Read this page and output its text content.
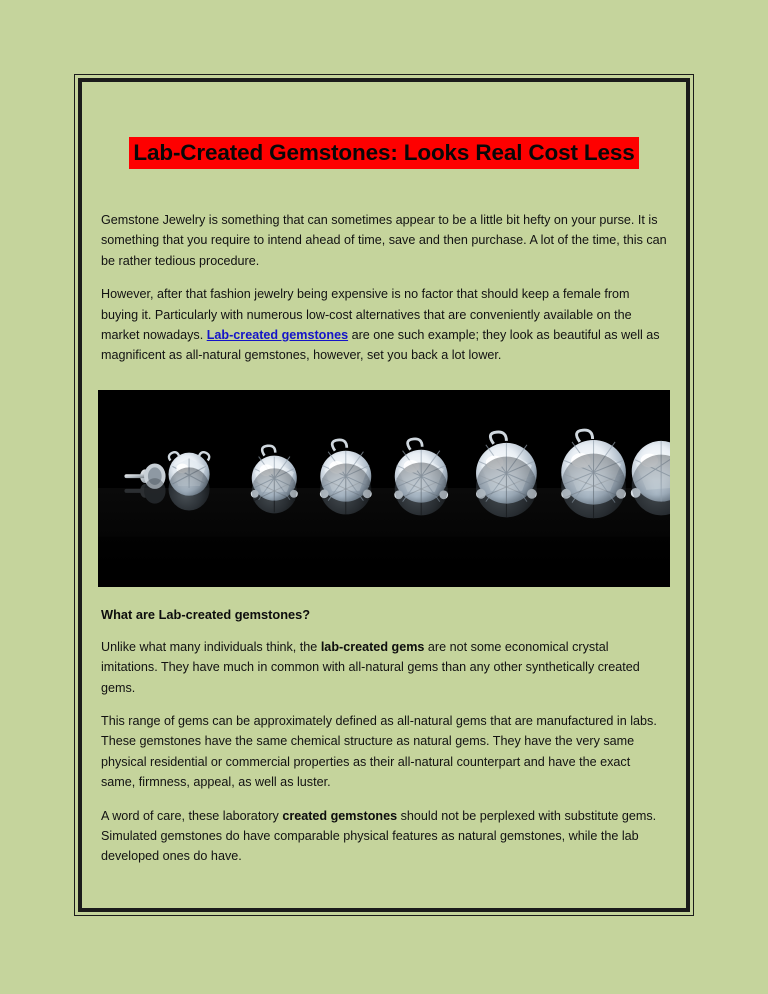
Lab-Created Gemstones: Looks Real Cost Less

Gemstone Jewelry is something that can sometimes appear to be a little bit hefty on your purse. It is something that you require to intend ahead of time, save and then purchase. A lot of the time, this can be rather tedious procedure.

However, after that fashion jewelry being expensive is no factor that should keep a female from buying it. Particularly with numerous low-cost alternatives that are conveniently available on the market nowadays. Lab-created gemstones are one such example; they look as beautiful as well as magnificent as all-natural gemstones, however, set you back a lot lower.

What are Lab-created gemstones?

Unlike what many individuals think, the lab-created gems are not some economical crystal imitations. They have much in common with all-natural gems than any other synthetically created gems.

This range of gems can be approximately defined as all-natural gems that are manufactured in labs. These gemstones have the same chemical structure as natural gems. They have the very same physical residential or commercial properties as their all-natural counterpart and have the exact same, firmness, appeal, as well as luster.

A word of care, these laboratory created gemstones should not be perplexed with substitute gems. Simulated gemstones do have comparable physical features as natural gemstones, while the lab developed ones do have.
